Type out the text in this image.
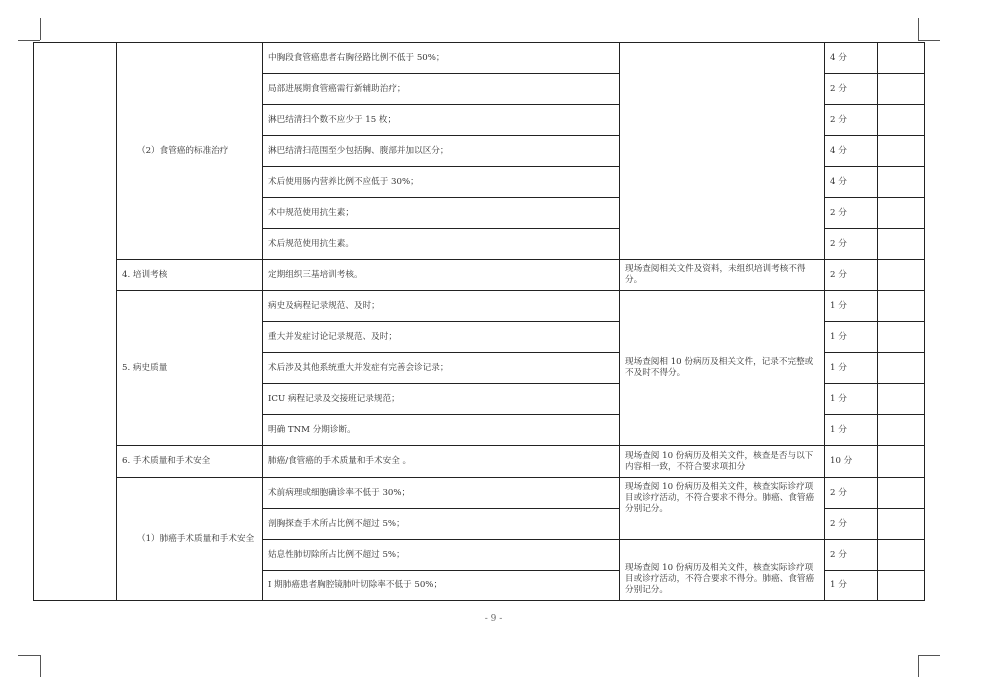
	（2）食管癌的标准治疗	中胸段食管癌患者右胸径路比例不低于 50%；		4 分	
		局部进展期食管癌需行新辅助治疗；		2 分	
		淋巴结清扫个数不应少于 15 枚；		2 分	
		淋巴结清扫范围至少包括胸、腹部并加以区分；		4 分	
		术后使用肠内营养比例不应低于 30%；		4 分	
		术中规范使用抗生素；		2 分	
		术后规范使用抗生素。		2 分	
	4. 培训考核	定期组织三基培训考核。	现场查阅相关文件及资料，未组织培训考核不得分。	2 分	
	5. 病史质量	病史及病程记录规范、及时；	现场查阅相 10 份病历及相关文件，记录不完整或不及时不得分。	1 分	
		重大并发症讨论记录规范、及时；		1 分	
		术后涉及其他系统重大并发症有完善会诊记录；		1 分	
		ICU 病程记录及交接班记录规范；		1 分	
		明确 TNM 分期诊断。		1 分	
	6. 手术质量和手术安全	肺癌/食管癌的手术质量和手术安全 。	现场查阅 10 份病历及相关文件，核查是否与以下内容相一致，不符合要求项扣分	10 分	
	（1）肺癌手术质量和手术安全	术前病理或细胞确诊率不低于 30%；	现场查阅 10 份病历及相关文件，核查实际诊疗项目或诊疗活动，不符合要求不得分。肺癌、食管癌分别记分。	2 分	
		剖胸探查手术所占比例不超过 5%；		2 分	
		姑息性肺切除所占比例不超过 5%；	现场查阅 10 份病历及相关文件，核查实际诊疗项目或诊疗活动，不符合要求不得分。肺癌、食管癌分别记分。	2 分	
		I 期肺癌患者胸腔镜肺叶切除率不低于 50%；		1 分	
- 9 -
